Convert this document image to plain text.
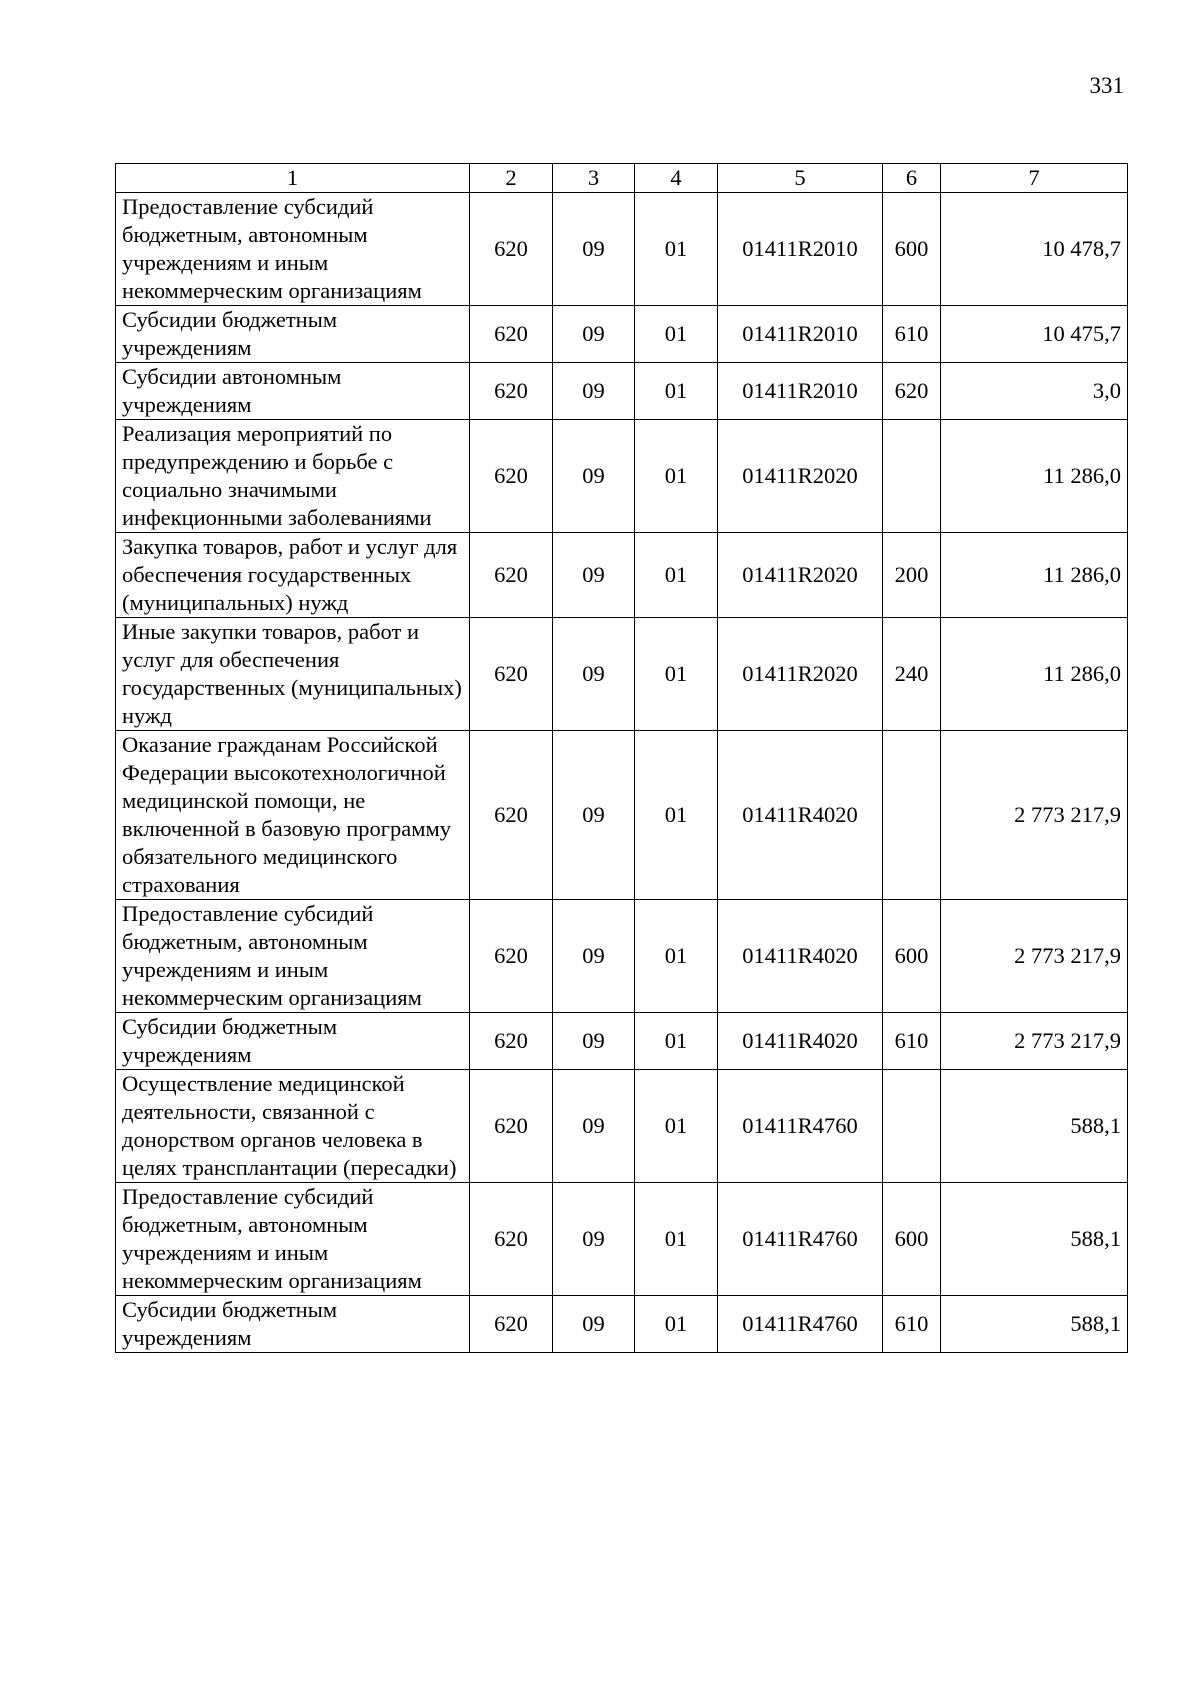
331
1	2	3	4	5	6	7
Предоставление субсидий бюджетным, автономным учреждениям и иным некоммерческим организациям	620	09	01	01411R2010	600	10 478,7
Субсидии бюджетным учреждениям	620	09	01	01411R2010	610	10 475,7
Субсидии автономным учреждениям	620	09	01	01411R2010	620	3,0
Реализация мероприятий по предупреждению и борьбе с социально значимыми инфекционными заболеваниями	620	09	01	01411R2020		11 286,0
Закупка товаров, работ и услуг для обеспечения государственных (муниципальных) нужд	620	09	01	01411R2020	200	11 286,0
Иные закупки товаров, работ и услуг для обеспечения государственных (муниципальных) нужд	620	09	01	01411R2020	240	11 286,0
Оказание гражданам Российской Федерации высокотехнологичной медицинской помощи, не включенной в базовую программу обязательного медицинского страхования	620	09	01	01411R4020		2 773 217,9
Предоставление субсидий бюджетным, автономным учреждениям и иным некоммерческим организациям	620	09	01	01411R4020	600	2 773 217,9
Субсидии бюджетным учреждениям	620	09	01	01411R4020	610	2 773 217,9
Осуществление медицинской деятельности, связанной с донорством органов человека в целях трансплантации (пересадки)	620	09	01	01411R4760		588,1
Предоставление субсидий бюджетным, автономным учреждениям и иным некоммерческим организациям	620	09	01	01411R4760	600	588,1
Субсидии бюджетным учреждениям	620	09	01	01411R4760	610	588,1
